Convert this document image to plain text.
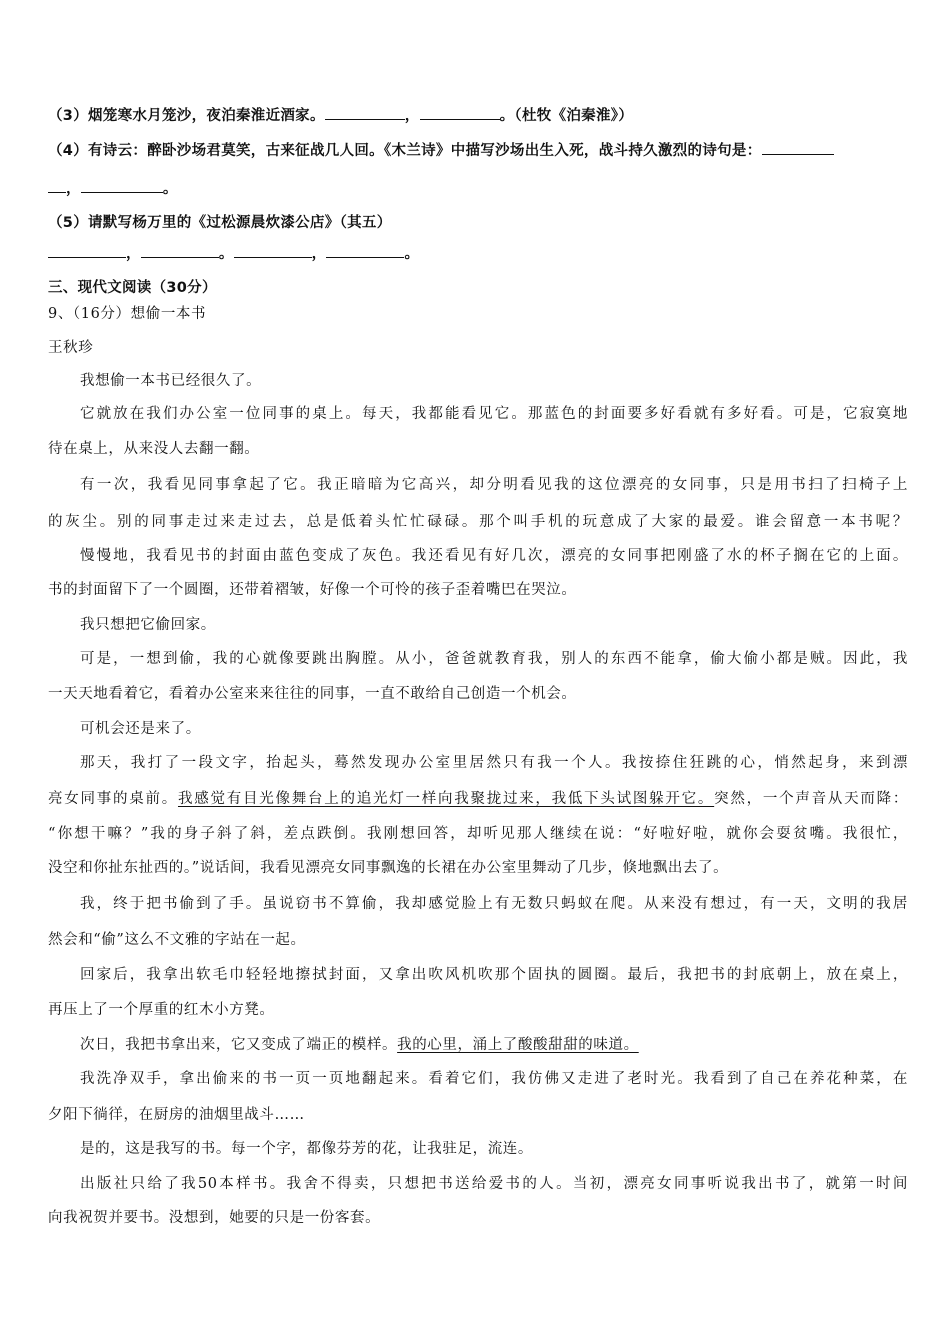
（3）烟笼寒水月笼沙，夜泊秦淮近酒家。	，	。（杜牧《泊秦淮》）
（4）有诗云：醉卧沙场君莫笑，古来征战几人回。《木兰诗》中描写沙场出生入死，战斗持久激烈的诗句是：
，	。
（5）请默写杨万里的《过松源晨炊漆公店》（其五）
，	。	，	。
三、现代文阅读（30分）
9、（16分）想偷一本书
王秋珍
我想偷一本书已经很久了。
它就放在我们办公室一位同事的桌上。每天，我都能看见它。那蓝色的封面要多好看就有多好看。可是，它寂寞地
待在桌上，从来没人去翻一翻。
有一次，我看见同事拿起了它。我正暗暗为它高兴，却分明看见我的这位漂亮的女同事，只是用书扫了扫椅子上
的灰尘。别的同事走过来走过去，总是低着头忙忙碌碌。那个叫手机的玩意成了大家的最爱。谁会留意一本书呢？
慢慢地，我看见书的封面由蓝色变成了灰色。我还看见有好几次，漂亮的女同事把刚盛了水的杯子搁在它的上面。
书的封面留下了一个圆圈，还带着褶皱，好像一个可怜的孩子歪着嘴巴在哭泣。
我只想把它偷回家。
可是，一想到偷，我的心就像要跳出胸膛。从小，爸爸就教育我，别人的东西不能拿，偷大偷小都是贼。因此，我
一天天地看着它，看着办公室来来往往的同事，一直不敢给自己创造一个机会。
可机会还是来了。
那天，我打了一段文字，抬起头，蓦然发现办公室里居然只有我一个人。我按捺住狂跳的心，悄然起身，来到漂
亮女同事的桌前。我感觉有目光像舞台上的追光灯一样向我聚拢过来，我低下头试图躲开它。突然，一个声音从天而降：
“你想干嘛？”我的身子斜了斜，差点跌倒。我刚想回答，却听见那人继续在说：“好啦好啦，就你会耍贫嘴。我很忙，
没空和你扯东扯西的。”说话间，我看见漂亮女同事飘逸的长裙在办公室里舞动了几步，倏地飘出去了。
我，终于把书偷到了手。虽说窃书不算偷，我却感觉脸上有无数只蚂蚁在爬。从来没有想过，有一天，文明的我居
然会和“偷”这么不文雅的字站在一起。
回家后，我拿出软毛巾轻轻地擦拭封面，又拿出吹风机吹那个固执的圆圈。最后，我把书的封底朝上，放在桌上，
再压上了一个厚重的红木小方凳。
次日，我把书拿出来，它又变成了端正的模样。我的心里，涌上了酸酸甜甜的味道。
我洗净双手，拿出偷来的书一页一页地翻起来。看着它们，我仿佛又走进了老时光。我看到了自己在养花种菜，在
夕阳下徜徉，在厨房的油烟里战斗……
是的，这是我写的书。每一个字，都像芬芳的花，让我驻足，流连。
出版社只给了我50本样书。我舍不得卖，只想把书送给爱书的人。当初，漂亮女同事听说我出书了，就第一时间
向我祝贺并要书。没想到，她要的只是一份客套。
